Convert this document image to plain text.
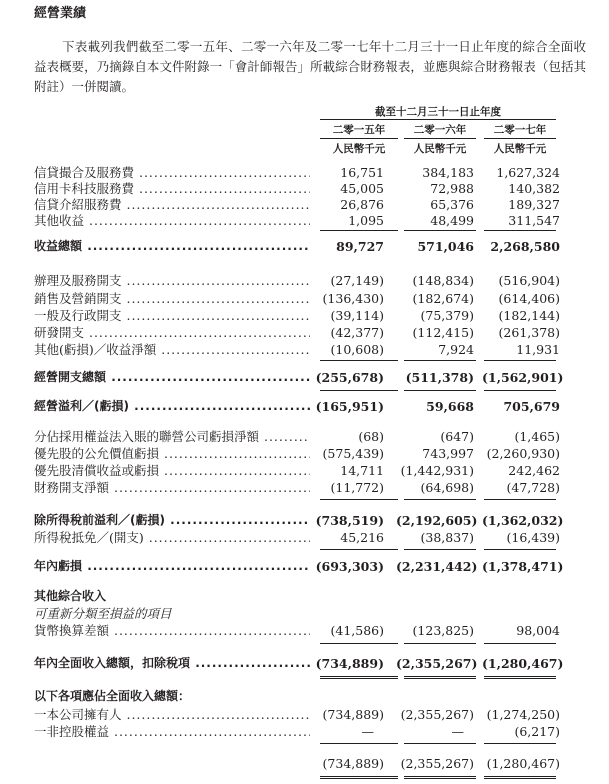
經營業績

下表載列我們截至二零一五年、二零一六年及二零一七年十二月三十一日止年度的綜合全面收益表概要，乃摘錄自本文件附錄一「會計師報告」所載綜合財務報表，並應與綜合財務報表（包括其附註）一併閱讀。

截至十二月三十一日止年度
二零一五年	二零一六年	二零一七年
人民幣千元	人民幣千元	人民幣千元
信貸撮合及服務費 .....	16,751	384,183	1,627,324
信用卡科技服務費 .....	45,005	72,988	140,382
信貸介紹服務費 .....	26,876	65,376	189,327
其他收益 .....	1,095	48,499	311,547
收益總額 .....	89,727	571,046	2,268,580
辦理及服務開支 .....	(27,149)	(148,834)	(516,904)
銷售及營銷開支 .....	(136,430)	(182,674)	(614,406)
一般及行政開支 .....	(39,114)	(75,379)	(182,144)
研發開支 .....	(42,377)	(112,415)	(261,378)
其他(虧損)／收益淨額 .....	(10,608)	7,924	11,931
經營開支總額 .....	(255,678)	(511,378) (1,562,901)
經營溢利／(虧損) .....	(165,951)	59,668	705,679
分佔採用權益法入賬的聯營公司虧損淨額 .....	(68)	(647)	(1,465)
優先股的公允價值虧損 .....	(575,439)	743,997	(2,260,930)
優先股清償收益或虧損 .....	14,711	(1,442,931)	242,462
財務開支淨額 .....	(11,772)	(64,698)	(47,728)
除所得稅前溢利／(虧損) .....	(738,519) (2,192,605) (1,362,032)
所得稅抵免／(開支) .....	45,216	(38,837)	(16,439)
年內虧損 .....	(693,303) (2,231,442) (1,378,471)
其他綜合收入
可重新分類至損益的項目
貨幣換算差額 .....	(41,586)	(123,825)	98,004
年內全面收入總額，扣除稅項 .....	(734,889) (2,355,267) (1,280,467)
以下各項應佔全面收入總額：
一本公司擁有人 .....	(734,889)	(2,355,267)	(1,274,250)
一非控股權益 .....	—	—	(6,217)
(734,889)	(2,355,267)	(1,280,467)
